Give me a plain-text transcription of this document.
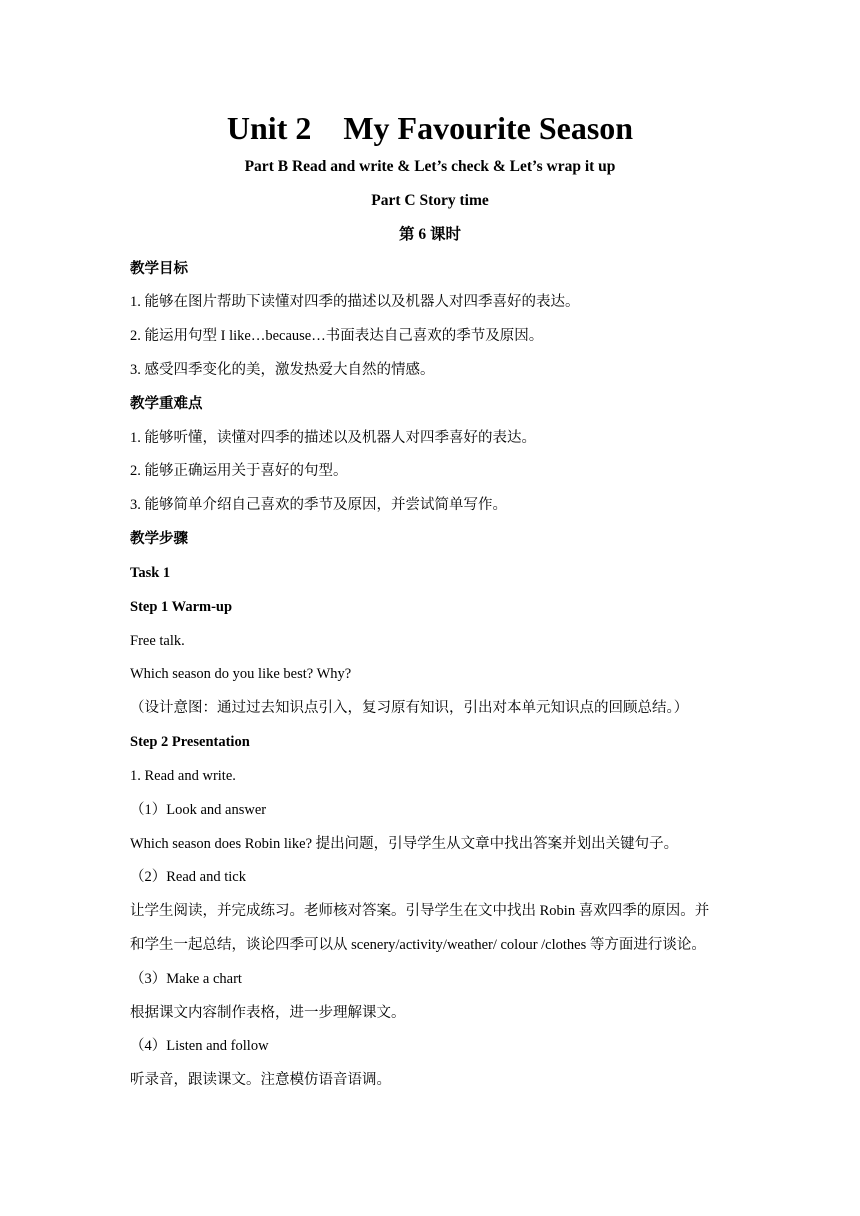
Unit 2    My Favourite Season
Part B Read and write & Let’s check & Let’s wrap it up
Part C Story time
第 6 课时
教学目标
1. 能够在图片帮助下读懂对四季的描述以及机器人对四季喜好的表达。
2. 能运用句型 I like…because…书面表达自己喜欢的季节及原因。
3. 感受四季变化的美，激发热爱大自然的情感。
教学重难点
1. 能够听懂，读懂对四季的描述以及机器人对四季喜好的表达。
2. 能够正确运用关于喜好的句型。
3. 能够简单介绍自己喜欢的季节及原因，并尝试简单写作。
教学步骤
Task 1
Step 1 Warm-up
Free talk.
Which season do you like best? Why?
（设计意图：通过过去知识点引入，复习原有知识，引出对本单元知识点的回顾总结。）
Step 2 Presentation
1. Read and write.
（1）Look and answer
Which season does Robin like? 提出问题，引导学生从文章中找出答案并划出关键句子。
（2）Read and tick
让学生阅读，并完成练习。老师核对答案。引导学生在文中找出 Robin 喜欢四季的原因。并
和学生一起总结，谈论四季可以从 scenery/activity/weather/ colour /clothes 等方面进行谈论。
（3）Make a chart
根据课文内容制作表格，进一步理解课文。
（4）Listen and follow
听录音，跟读课文。注意模仿语音语调。
